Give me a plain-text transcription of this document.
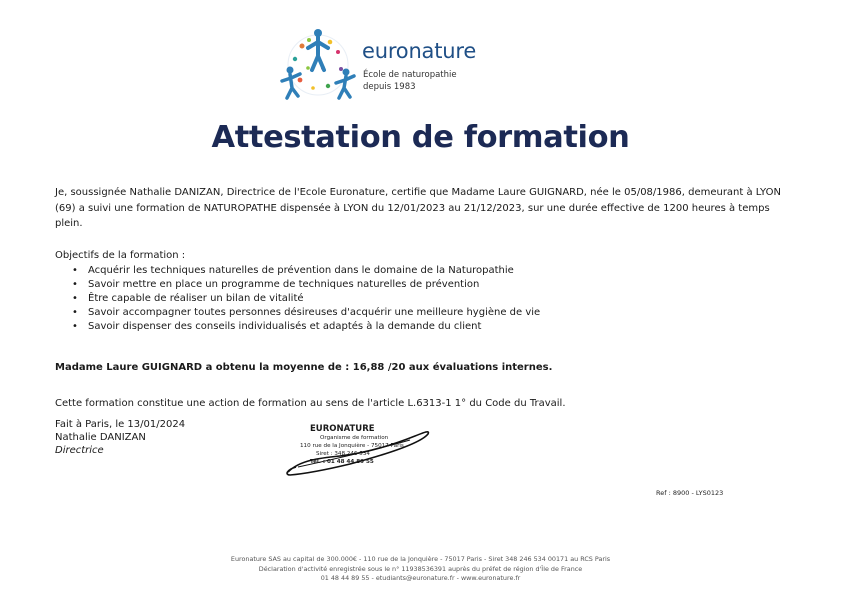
euronature
École de naturopathie
depuis 1983
Attestation de formation

Je, soussignée Nathalie DANIZAN, Directrice de l'Ecole Euronature, certifie que Madame Laure GUIGNARD, née le 05/08/1986, demeurant à LYON (69) a suivi une formation de NATUROPATHE dispensée à LYON du 12/01/2023 au 21/12/2023, sur une durée effective de 1200 heures à temps plein.

Objectifs de la formation :

• Acquérir les techniques naturelles de prévention dans le domaine de la Naturopathie
• Savoir mettre en place un programme de techniques naturelles de prévention
• Être capable de réaliser un bilan de vitalité
• Savoir accompagner toutes personnes désireuses d'acquérir une meilleure hygiène de vie
• Savoir dispenser des conseils individualisés et adaptés à la demande du client

Madame Laure GUIGNARD a obtenu la moyenne de : 16,88 /20 aux évaluations internes.

Cette formation constitue une action de formation au sens de l'article L.6313-1 1° du Code du Travail.

Fait à Paris, le 13/01/2024
Nathalie DANIZAN
Directrice
EURONATURE
Organisme de formation
110 rue de la Jonquière - 75017 Paris
Siret : 348 246 534
Tél. : 01 48 44 89 55
Ref : 8900 - LYS0123
Euronature SAS au capital de 300.000€ - 110 rue de la Jonquière - 75017 Paris - Siret 348 246 534 00171 au RCS Paris
Déclaration d'activité enregistrée sous le n° 11938536391 auprès du préfet de région d'Île de France
01 48 44 89 55 - etudiants@euronature.fr - www.euronature.fr
